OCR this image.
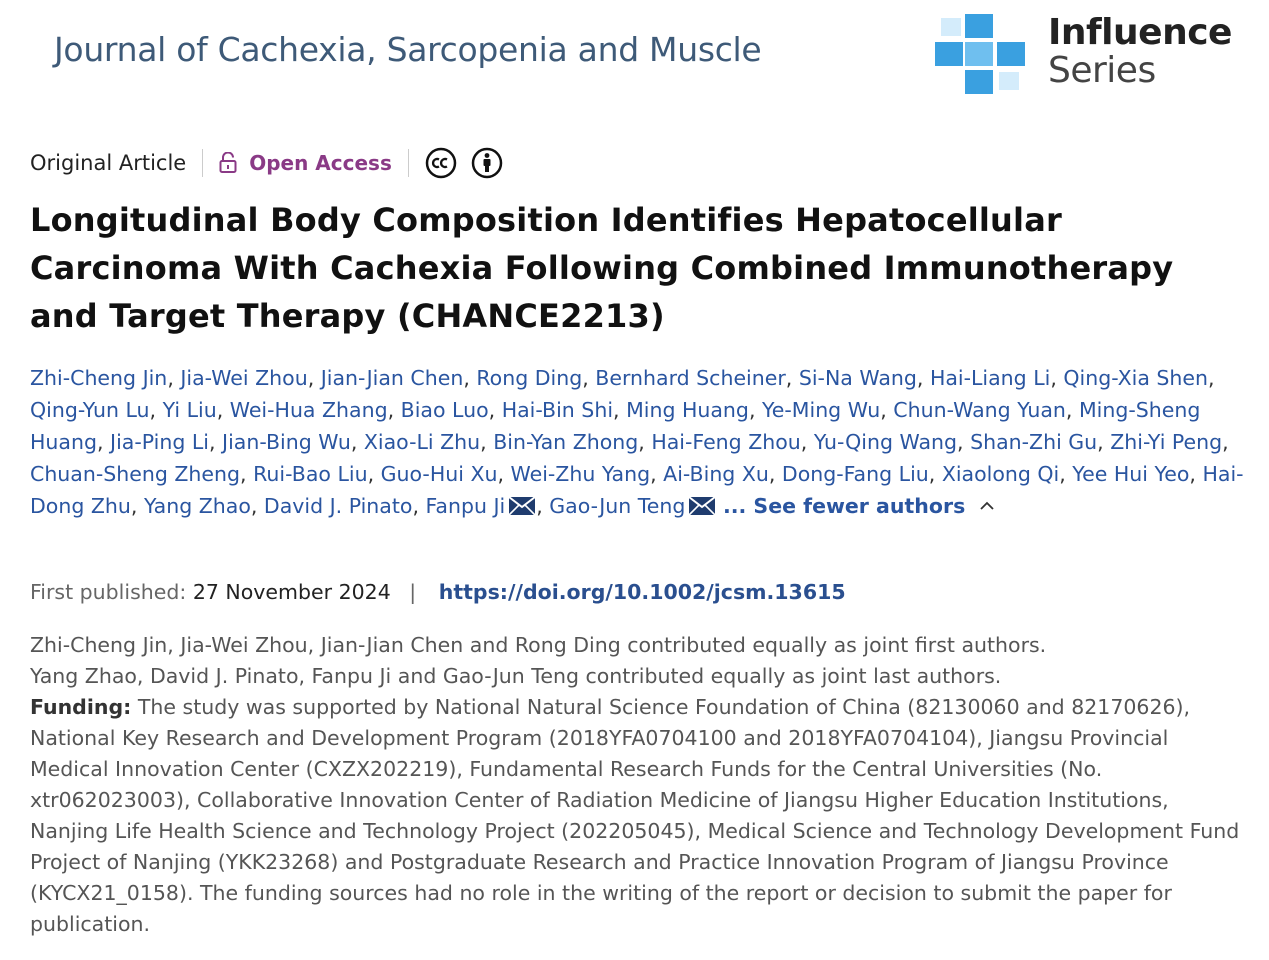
Journal of Cachexia, Sarcopenia and Muscle	Influence
Series
Original Article	Open Access
Longitudinal Body Composition Identifies Hepatocellular Carcinoma With Cachexia Following Combined Immunotherapy and Target Therapy (CHANCE2213)
Zhi-Cheng Jin, Jia-Wei Zhou, Jian-Jian Chen, Rong Ding, Bernhard Scheiner, Si-Na Wang, Hai-Liang Li, Qing-Xia Shen, Qing-Yun Lu, Yi Liu, Wei-Hua Zhang, Biao Luo, Hai-Bin Shi, Ming Huang, Ye-Ming Wu, Chun-Wang Yuan, Ming-Sheng Huang, Jia-Ping Li, Jian-Bing Wu, Xiao-Li Zhu, Bin-Yan Zhong, Hai-Feng Zhou, Yu-Qing Wang, Shan-Zhi Gu, Zhi-Yi Peng, Chuan-Sheng Zheng, Rui-Bao Liu, Guo-Hui Xu, Wei-Zhu Yang, Ai-Bing Xu, Dong-Fang Liu, Xiaolong Qi, Yee Hui Yeo, Hai-Dong Zhu, Yang Zhao, David J. Pinato, Fanpu Ji , Gao-Jun Teng ... See fewer authors
First published: 27 November 2024 | https://doi.org/10.1002/jcsm.13615

Zhi-Cheng Jin, Jia-Wei Zhou, Jian-Jian Chen and Rong Ding contributed equally as joint first authors.

Yang Zhao, David J. Pinato, Fanpu Ji and Gao-Jun Teng contributed equally as joint last authors.

Funding: The study was supported by National Natural Science Foundation of China (82130060 and 82170626), National Key Research and Development Program (2018YFA0704100 and 2018YFA0704104), Jiangsu Provincial Medical Innovation Center (CXZX202219), Fundamental Research Funds for the Central Universities (No. xtr062023003), Collaborative Innovation Center of Radiation Medicine of Jiangsu Higher Education Institutions, Nanjing Life Health Science and Technology Project (202205045), Medical Science and Technology Development Fund Project of Nanjing (YKK23268) and Postgraduate Research and Practice Innovation Program of Jiangsu Province (KYCX21_0158). The funding sources had no role in the writing of the report or decision to submit the paper for publication.
